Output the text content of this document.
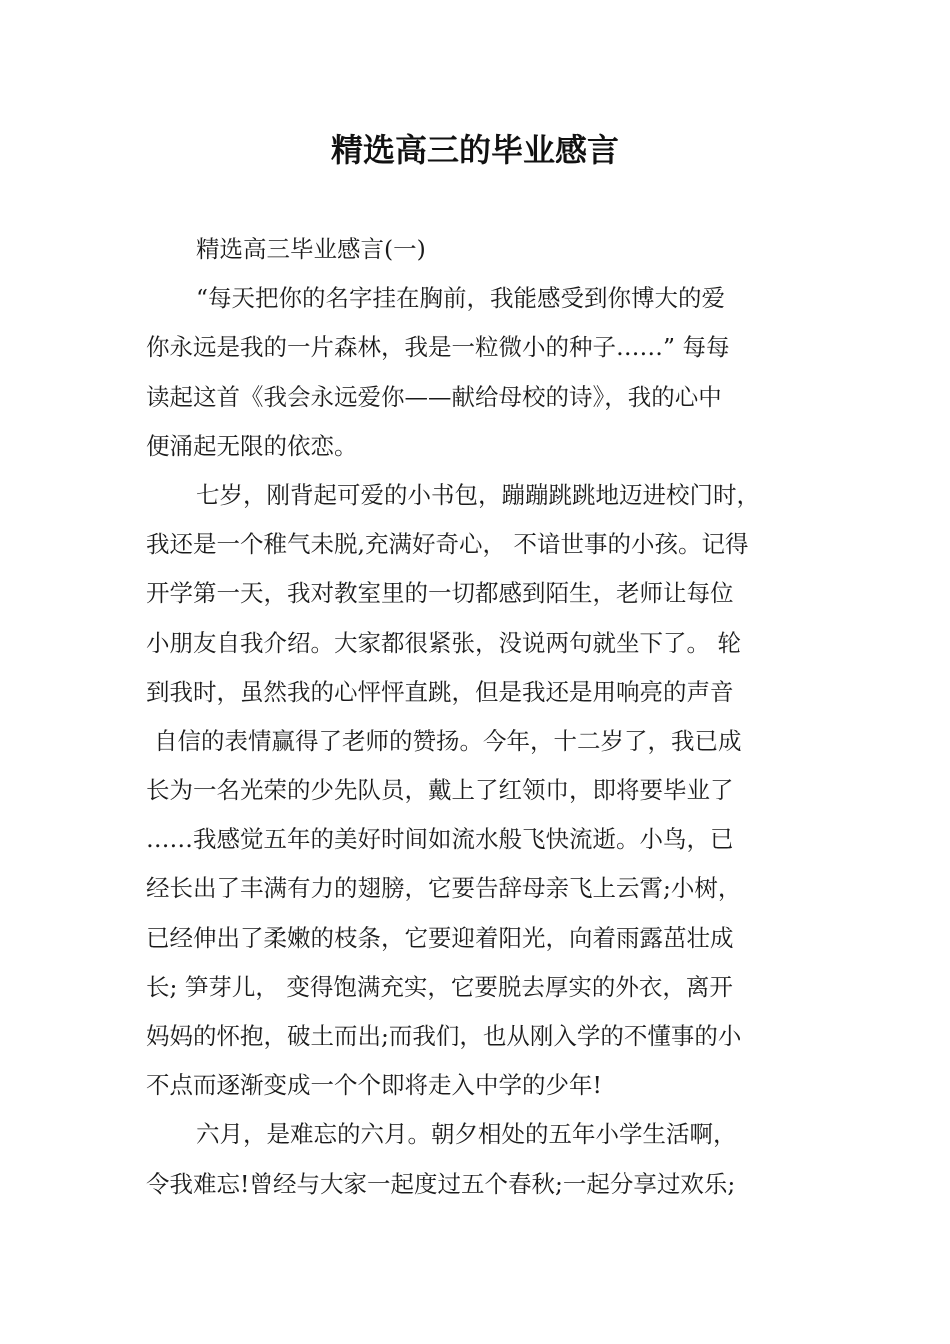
精选高三的毕业感言
精选高三毕业感言(一)
“每天把你的名字挂在胸前，我能感受到你博大的爱
你永远是我的一片森林，我是一粒微小的种子……” 每每
读起这首《我会永远爱你——献给母校的诗》，我的心中
便涌起无限的依恋。
七岁，刚背起可爱的小书包，蹦蹦跳跳地迈进校门时，
我还是一个稚气未脱,充满好奇心， 不谙世事的小孩。记得
开学第一天，我对教室里的一切都感到陌生，老师让每位
小朋友自我介绍。大家都很紧张，没说两句就坐下了。 轮
到我时，虽然我的心怦怦直跳，但是我还是用响亮的声音
自信的表情赢得了老师的赞扬。今年，十二岁了，我已成
长为一名光荣的少先队员，戴上了红领巾，即将要毕业了
……我感觉五年的美好时间如流水般飞快流逝。小鸟，已
经长出了丰满有力的翅膀，它要告辞母亲飞上云霄;小树，
已经伸出了柔嫩的枝条，它要迎着阳光，向着雨露茁壮成
长; 笋芽儿， 变得饱满充实，它要脱去厚实的外衣，离开
妈妈的怀抱，破土而出;而我们，也从刚入学的不懂事的小
不点而逐渐变成一个个即将走入中学的少年!
六月，是难忘的六月。朝夕相处的五年小学生活啊，
令我难忘!曾经与大家一起度过五个春秋;一起分享过欢乐;
